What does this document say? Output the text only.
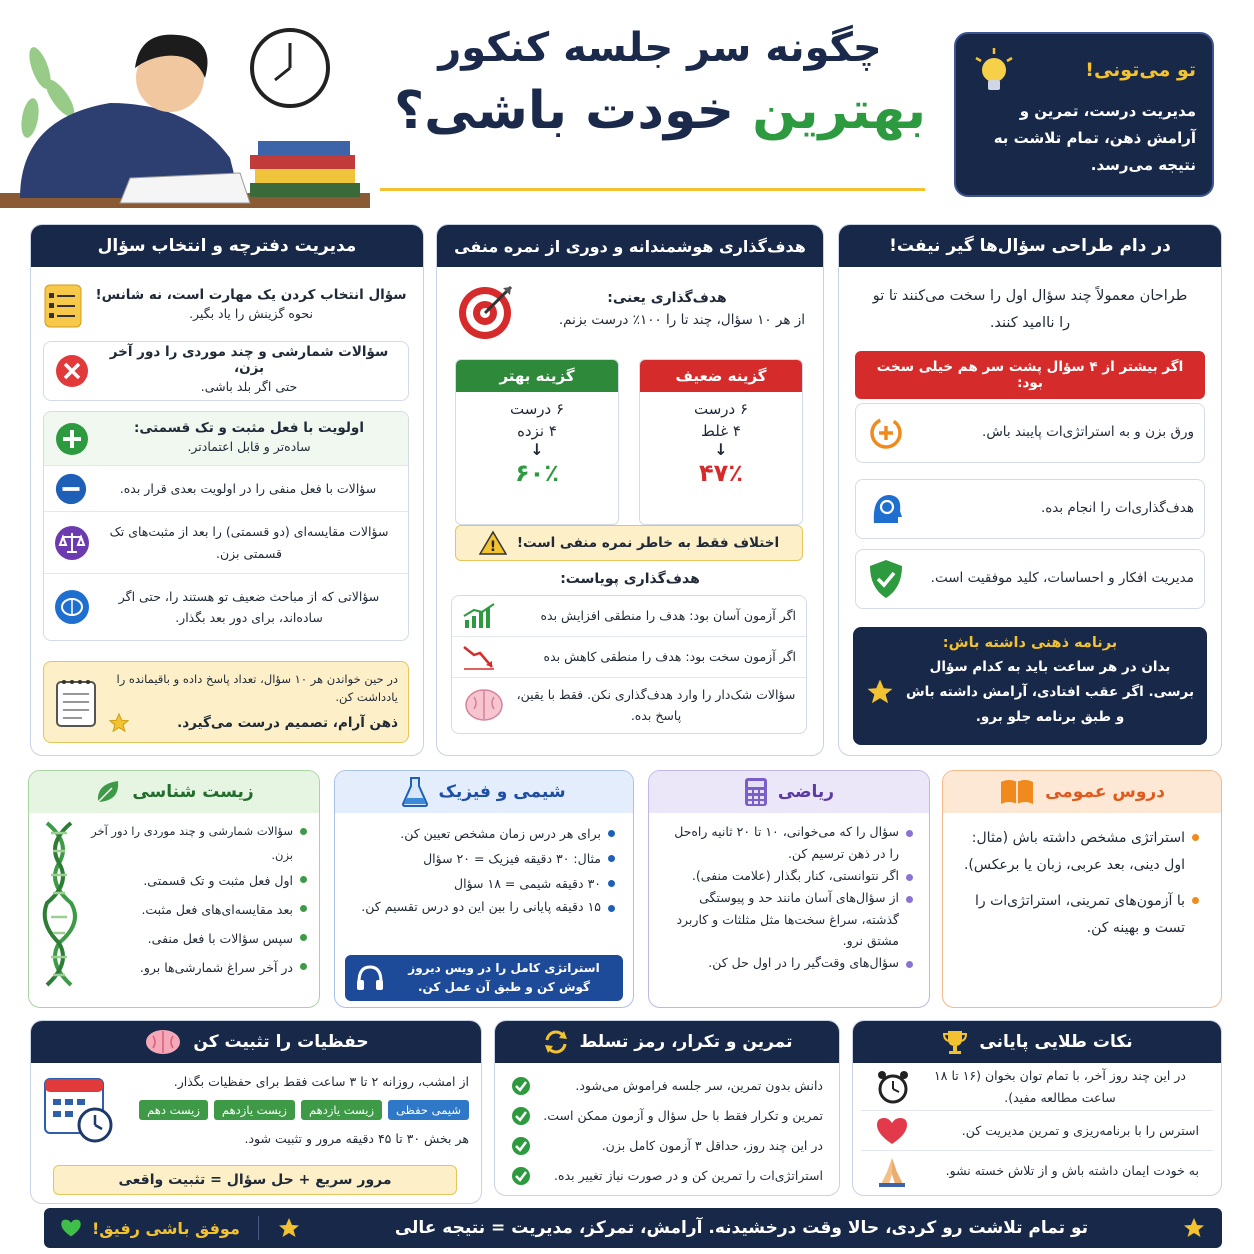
چگونه سر جلسه کنکور
بهترین خودت باشی؟
تو می‌تونی!
مدیریت درست، تمرین و آرامش ذهن، تمام تلاشت به نتیجه می‌رسد.
در دام طراحی سؤال‌ها گیر نیفت!
طراحان معمولاً چند سؤال اول را سخت می‌کنند تا تو را ناامید کنند.
اگر بیشتر از ۴ سؤال پشت سر هم خیلی سخت بود:
ورق بزن و به استراتژی‌ات پایبند باش.
هدف‌گذاری‌ات را انجام بده.
مدیریت افکار و احساسات، کلید موفقیت است.
برنامه ذهنی داشته باش:
بدان در هر ساعت باید به کدام سؤال برسی. اگر عقب افتادی، آرامش داشته باش و طبق برنامه جلو برو.
هدف‌گذاری هوشمندانه و دوری از نمره منفی
هدف‌گذاری یعنی:
از هر ۱۰ سؤال، چند تا را ۱۰۰٪ درست بزنم.
گزینه ضعیف
۶ درست
۴ غلط
↓
۴۷٪
گزینه بهتر
۶ درست
۴ نزده
↓
۶۰٪
اختلاف فقط به خاطر نمره منفی است!
!
هدف‌گذاری پویاست:
اگر آزمون آسان بود: هدف را منطقی افزایش بده
اگر آزمون سخت بود: هدف را منطقی کاهش بده
سؤالات شک‌دار را وارد هدف‌گذاری نکن. فقط با یقین، پاسخ بده.
مدیریت دفترچه و انتخاب سؤال
سؤال انتخاب کردن یک مهارت است، نه شانس!
نحوه گزینش را یاد بگیر.
سؤالات شمارشی و چند موردی را دور آخر بزن،
حتی اگر بلد باشی.
اولویت با فعل مثبت و تک قسمتی:
ساده‌تر و قابل اعتمادتر.
سؤالات با فعل منفی را در اولویت بعدی قرار بده.
سؤالات مقایسه‌ای (دو قسمتی) را بعد از مثبت‌های تک قسمتی بزن.
سؤالاتی که از مباحث ضعیف تو هستند را، حتی اگر ساده‌اند، برای دور بعد بگذار.
در حین خواندن هر ۱۰ سؤال، تعداد پاسخ داده و باقیمانده را یادداشت کن.
ذهن آرام، تصمیم درست می‌گیرد.
دروس عمومی
استراتژی مشخص داشته باش (مثال: اول دینی، بعد عربی، زبان یا برعکس).
با آزمون‌های تمرینی، استراتژی‌ات را تست و بهینه کن.
ریاضی
سؤال را که می‌خوانی، ۱۰ تا ۲۰ ثانیه راه‌حل را در ذهن ترسیم کن.
اگر نتوانستی، کنار بگذار (علامت منفی).
از سؤال‌های آسان مانند حد و پیوستگی گذشته، سراغ سخت‌ها مثل مثلثات و کاربرد مشتق نرو.
سؤال‌های وقت‌گیر را در اول حل کن.
شیمی و فیزیک
برای هر درس زمان مشخص تعیین کن.
مثال: ۳۰ دقیقه فیزیک = ۲۰ سؤال
۳۰ دقیقه شیمی = ۱۸ سؤال
۱۵ دقیقه پایانی را بین این دو درس تقسیم کن.
استراتژی کامل را در ویس دیروز گوش کن و طبق آن عمل کن.
زیست شناسی
سؤالات شمارشی و چند موردی را دور آخر بزن.
اول فعل مثبت و تک قسمتی.
بعد مقایسه‌ای‌های فعل مثبت.
سپس سؤالات با فعل منفی.
در آخر سراغ شمارشی‌ها برو.
نکات طلایی پایانی
در این چند روز آخر، با تمام توان بخوان (۱۶ تا ۱۸ ساعت مطالعه مفید).
استرس را با برنامه‌ریزی و تمرین مدیریت کن.
به خودت ایمان داشته باش و از تلاش خسته نشو.
تمرین و تکرار، رمز تسلط
دانش بدون تمرین، سر جلسه فراموش می‌شود.
تمرین و تکرار فقط با حل سؤال و آزمون ممکن است.
در این چند روز، حداقل ۳ آزمون کامل بزن.
استراتژی‌ات را تمرین کن و در صورت نیاز تغییر بده.
حفظیات را تثبیت کن
از امشب، روزانه ۲ تا ۳ ساعت فقط برای حفظیات بگذار.
شیمی حفظی
زیست یازدهم
زیست یازدهم
زیست دهم
هر بخش ۳۰ تا ۴۵ دقیقه مرور و تثبیت شود.
مرور سریع + حل سؤال = تثبیت واقعی
تو تمام تلاشت رو کردی، حالا وقت درخشیدنه. آرامش، تمرکز، مدیریت = نتیجه عالی
موفق باشی رفیق!
